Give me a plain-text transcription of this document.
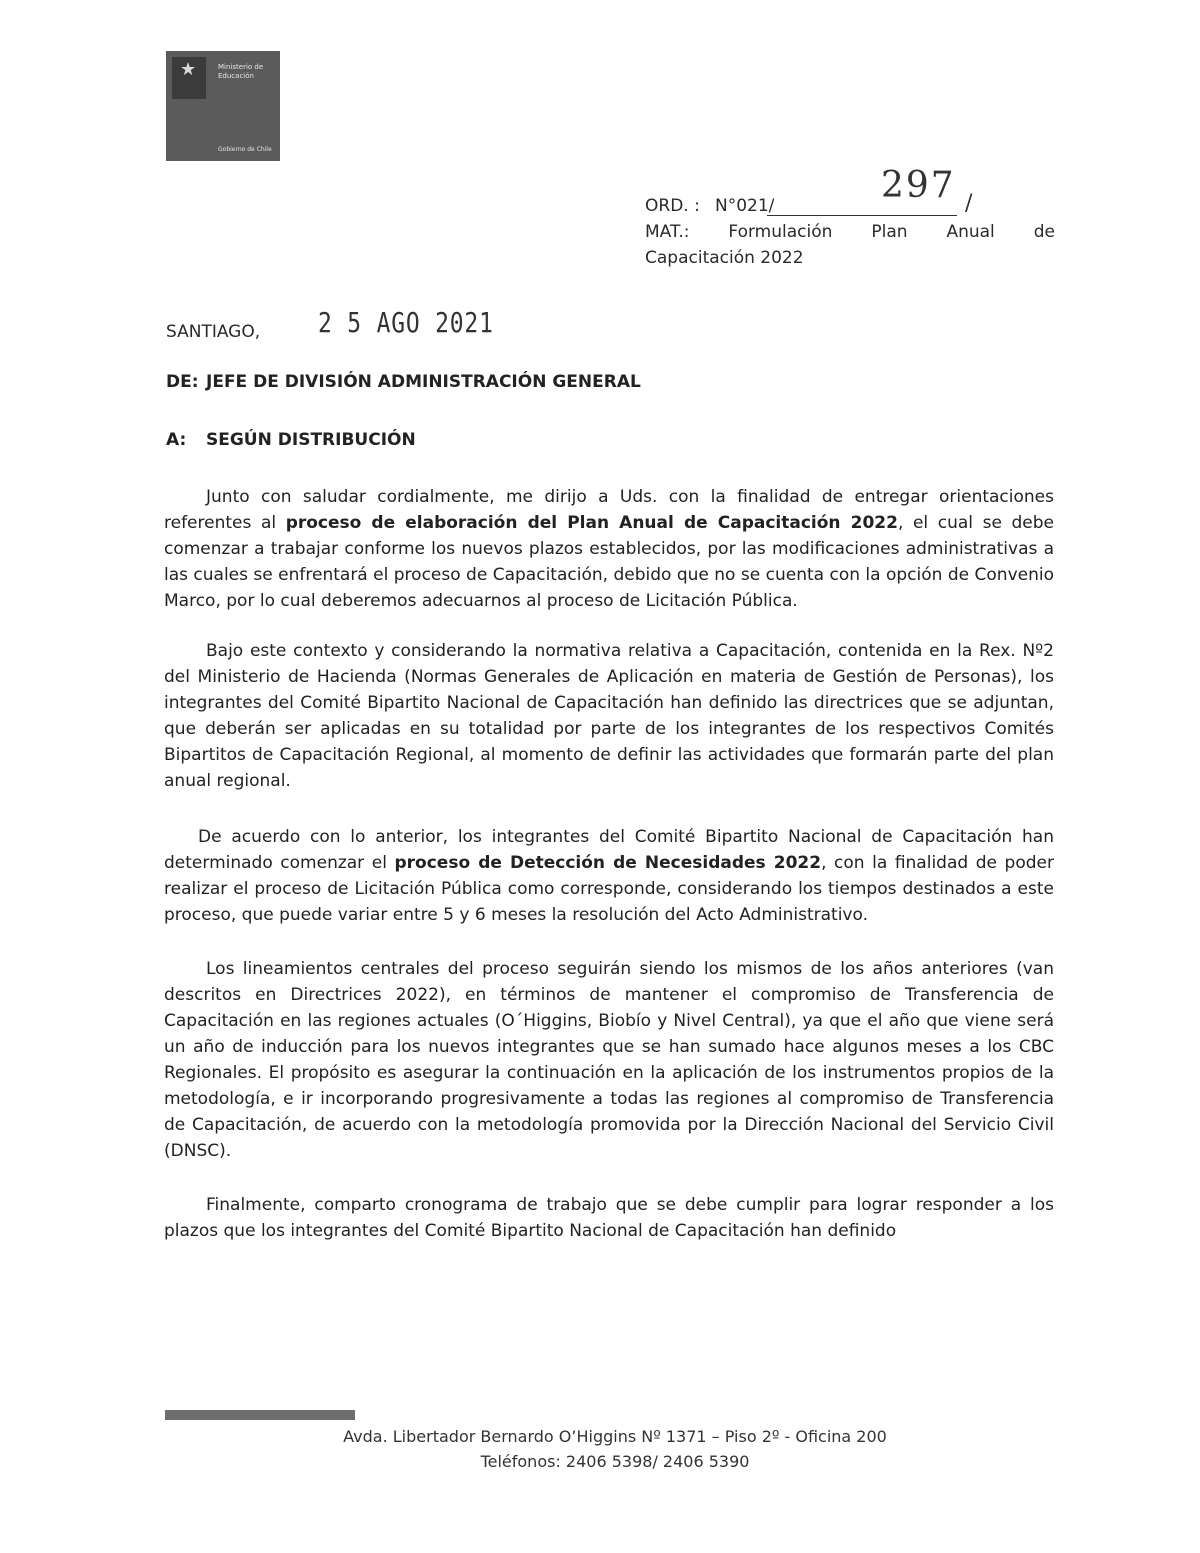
★	Ministerio de Educación
Gobierno de Chile
ORD. : N°021/	297 /
MAT.: Formulación Plan Anual de
Capacitación 2022
SANTIAGO, 2 5 AGO 2021
DE: JEFE DE DIVISIÓN ADMINISTRACIÓN GENERAL
A: SEGÚN DISTRIBUCIÓN

Junto con saludar cordialmente, me dirijo a Uds. con la finalidad de entregar orientaciones referentes al proceso de elaboración del Plan Anual de Capacitación 2022, el cual se debe comenzar a trabajar conforme los nuevos plazos establecidos, por las modificaciones administrativas a las cuales se enfrentará el proceso de Capacitación, debido que no se cuenta con la opción de Convenio Marco, por lo cual deberemos adecuarnos al proceso de Licitación Pública.

Bajo este contexto y considerando la normativa relativa a Capacitación, contenida en la Rex. Nº2 del Ministerio de Hacienda (Normas Generales de Aplicación en materia de Gestión de Personas), los integrantes del Comité Bipartito Nacional de Capacitación han definido las directrices que se adjuntan, que deberán ser aplicadas en su totalidad por parte de los integrantes de los respectivos Comités Bipartitos de Capacitación Regional, al momento de definir las actividades que formarán parte del plan anual regional.

De acuerdo con lo anterior, los integrantes del Comité Bipartito Nacional de Capacitación han determinado comenzar el proceso de Detección de Necesidades 2022, con la finalidad de poder realizar el proceso de Licitación Pública como corresponde, considerando los tiempos destinados a este proceso, que puede variar entre 5 y 6 meses la resolución del Acto Administrativo.

Los lineamientos centrales del proceso seguirán siendo los mismos de los años anteriores (van descritos en Directrices 2022), en términos de mantener el compromiso de Transferencia de Capacitación en las regiones actuales (O´Higgins, Biobío y Nivel Central), ya que el año que viene será un año de inducción para los nuevos integrantes que se han sumado hace algunos meses a los CBC Regionales. El propósito es asegurar la continuación en la aplicación de los instrumentos propios de la metodología, e ir incorporando progresivamente a todas las regiones al compromiso de Transferencia de Capacitación, de acuerdo con la metodología promovida por la Dirección Nacional del Servicio Civil (DNSC).

Finalmente, comparto cronograma de trabajo que se debe cumplir para lograr responder a los plazos que los integrantes del Comité Bipartito Nacional de Capacitación han definido

Avda. Libertador Bernardo O’Higgins Nº 1371 – Piso 2º - Oficina 200
Teléfonos: 2406 5398/ 2406 5390
